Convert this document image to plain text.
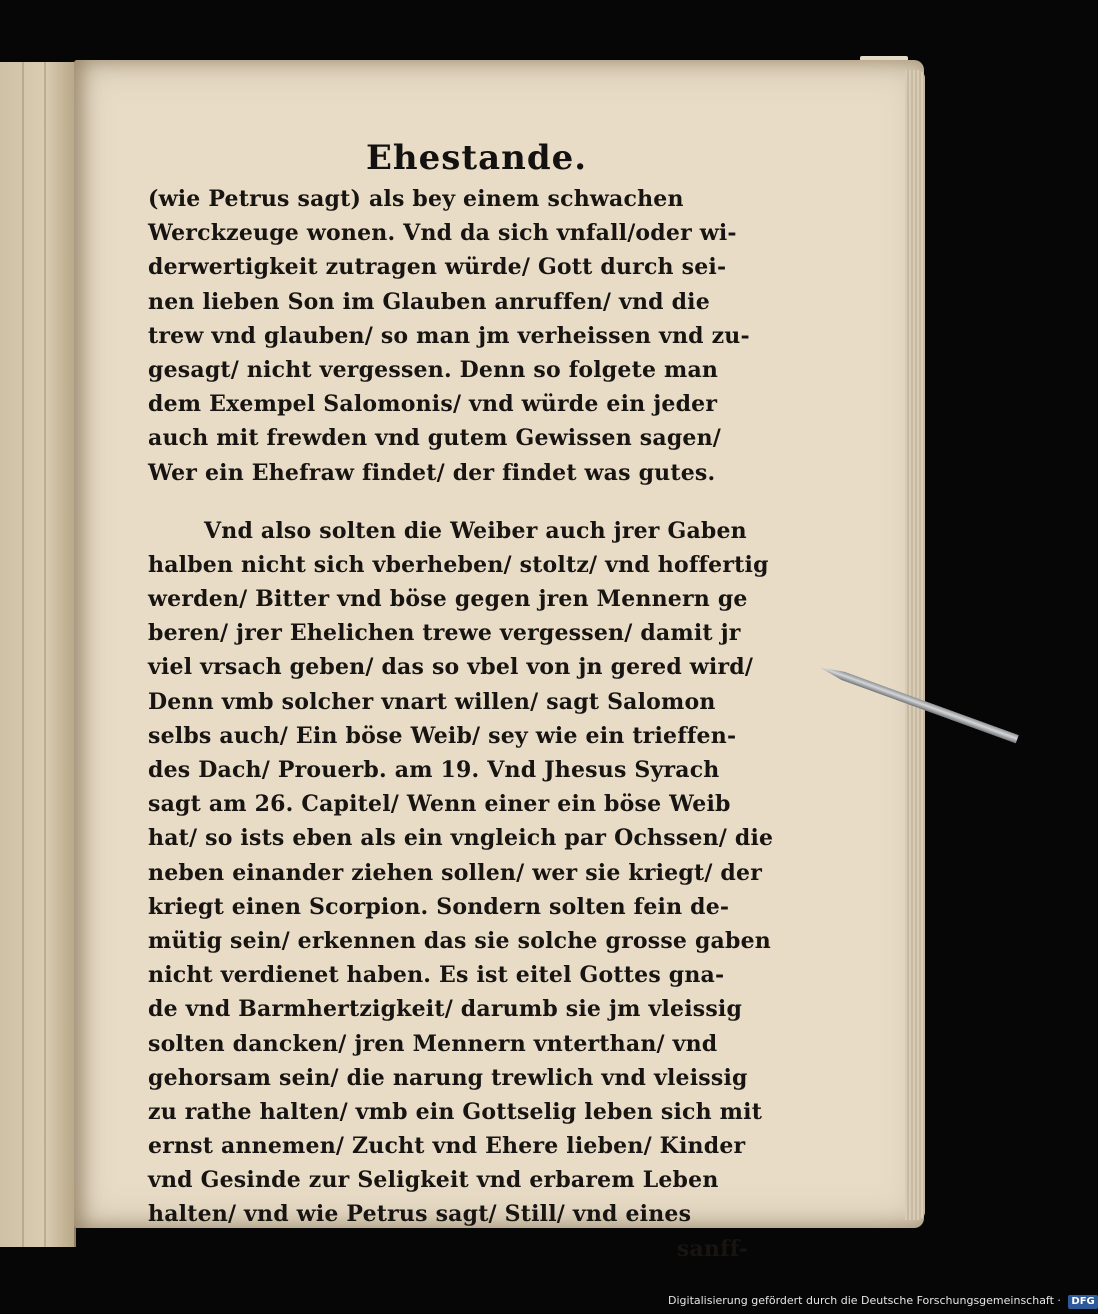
Ehestande.
(wie Petrus sagt) als bey einem schwachen
Werckzeuge wonen. Vnd da sich vnfall/oder wi-
derwertigkeit zutragen würde/ Gott durch sei-
nen lieben Son im Glauben anruffen/ vnd die
trew vnd glauben/ so man jm verheissen vnd zu-
gesagt/ nicht vergessen. Denn so folgete man
dem Exempel Salomonis/ vnd würde ein jeder
auch mit frewden vnd gutem Gewissen sagen/
Wer ein Ehefraw findet/ der findet was gutes.
Vnd also solten die Weiber auch jrer Gaben
halben nicht sich vberheben/ stoltz/ vnd hoffertig
werden/ Bitter vnd böse gegen jren Mennern ge
beren/ jrer Ehelichen trewe vergessen/ damit jr
viel vrsach geben/ das so vbel von jn gered wird/
Denn vmb solcher vnart willen/ sagt Salomon
selbs auch/ Ein böse Weib/ sey wie ein trieffen-
des Dach/ Prouerb. am 19. Vnd Jhesus Syrach
sagt am 26. Capitel/ Wenn einer ein böse Weib
hat/ so ists eben als ein vngleich par Ochssen/ die
neben einander ziehen sollen/ wer sie kriegt/ der
kriegt einen Scorpion. Sondern solten fein de-
mütig sein/ erkennen das sie solche grosse gaben
nicht verdienet haben. Es ist eitel Gottes gna-
de vnd Barmhertzigkeit/ darumb sie jm vleissig
solten dancken/ jren Mennern vnterthan/ vnd
gehorsam sein/ die narung trewlich vnd vleissig
zu rathe halten/ vmb ein Gottselig leben sich mit
ernst annemen/ Zucht vnd Ehere lieben/ Kinder
vnd Gesinde zur Seligkeit vnd erbarem Leben
halten/ vnd wie Petrus sagt/ Still/ vnd eines
sanff-
Digitalisierung gefördert durch die Deutsche Forschungsgemeinschaft · DFG
